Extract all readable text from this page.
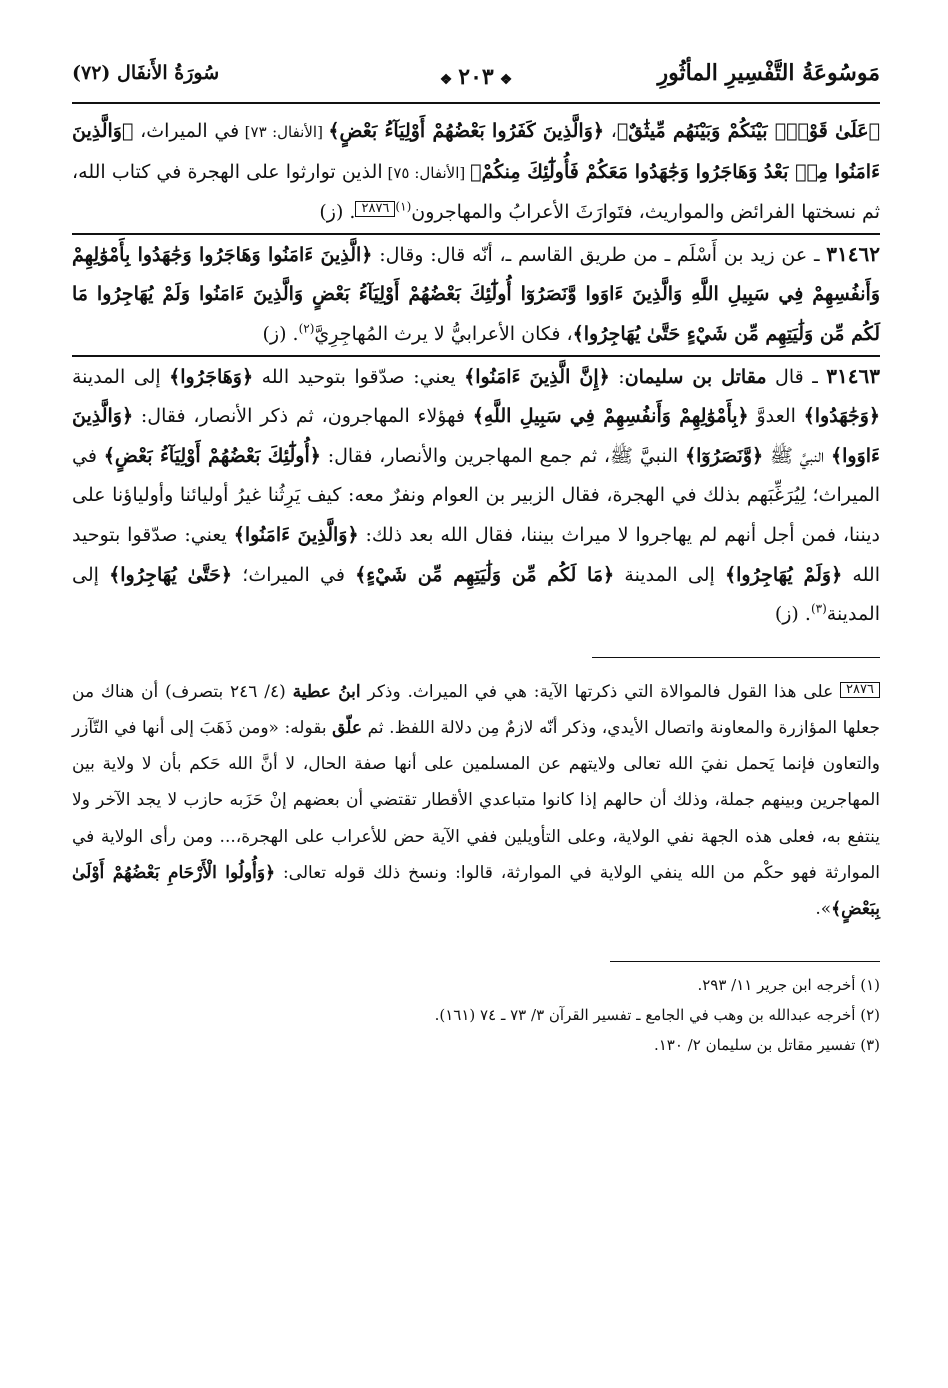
مَوسُوعَةُ التَّفْسِيرِ المأثُورِ
❖٢٠٣❖
سُورَةُ الأَنفَال (٧٢)

﴿عَلَىٰ قَوْمِۭ بَيْنَكُمْ وَبَيْنَهُم مِّيثَٰقٌ﴾، ﴿وَالَّذِينَ كَفَرُوا بَعْضُهُمْ أَوْلِيَآءُ بَعْضٍ﴾ [الأنفال: ٧٣] في الميراث، ﴿وَالَّذِينَ ءَامَنُوا مِنۢ بَعْدُ وَهَاجَرُوا وَجَٰهَدُوا مَعَكُمْ فَأُولَٰٓئِكَ مِنكُمْ﴾ [الأنفال: ٧٥] الذين توارثوا على الهجرة في كتاب الله، ثم نسختها الفرائض والمواريث، فتَوارَثَ الأعرابُ والمهاجرون$^{(١)}$٢٨٧٦. (ز)

٣١٤٦٢ ـ عن زيد بن أَسْلَم ـ من طريق القاسم ـ، أنّه قال: وقال: ﴿الَّذِينَ ءَامَنُوا وَهَاجَرُوا وَجَٰهَدُوا بِأَمْوَٰلِهِمْ وَأَنفُسِهِمْ فِي سَبِيلِ اللَّهِ وَالَّذِينَ ءَاوَوا وَّنَصَرُوٓا أُولَٰٓئِكَ بَعْضُهُمْ أَوْلِيَآءُ بَعْضٍ وَالَّذِينَ ءَامَنُوا وَلَمْ يُهَاجِرُوا مَا لَكُم مِّن وَلَٰيَتِهِم مِّن شَيْءٍ حَتَّىٰ يُهَاجِرُوا﴾، فكان الأعرابيُّ لا يرث المُهاجِرِيَّ$^{(٢)}$. (ز)

٣١٤٦٣ ـ قال مقاتل بن سليمان: ﴿إِنَّ الَّذِينَ ءَامَنُوا﴾ يعني: صدّقوا بتوحيد الله ﴿وَهَاجَرُوا﴾ إلى المدينة ﴿وَجَٰهَدُوا﴾ العدوَّ ﴿بِأَمْوَٰلِهِمْ وَأَنفُسِهِمْ فِي سَبِيلِ اللَّهِ﴾ فهؤلاء المهاجرون، ثم ذكر الأنصار، فقال: ﴿وَالَّذِينَ ءَاوَوا﴾ النبيَّ ﷺ ﴿وَّنَصَرُوٓا﴾ النبيَّ ﷺ، ثم جمع المهاجرين والأنصار، فقال: ﴿أُولَٰٓئِكَ بَعْضُهُمْ أَوْلِيَآءُ بَعْضٍ﴾ في الميراث؛ لِيُرَغِّبَهم بذلك في الهجرة، فقال الزبير بن العوام ونفرٌ معه: كيف يَرِثُنا غيرُ أوليائنا وأولياؤنا على ديننا، فمن أجل أنهم لم يهاجروا لا ميراث بيننا، فقال الله بعد ذلك: ﴿وَالَّذِينَ ءَامَنُوا﴾ يعني: صدّقوا بتوحيد الله ﴿وَلَمْ يُهَاجِرُوا﴾ إلى المدينة ﴿مَا لَكُم مِّن وَلَٰيَتِهِم مِّن شَيْءٍ﴾ في الميراث؛ ﴿حَتَّىٰ يُهَاجِرُوا﴾ إلى المدينة$^{(٣)}$. (ز)

٢٨٧٦ على هذا القول فالموالاة التي ذكرتها الآية: هي في الميراث. وذكر ابنُ عطية (٤/ ٢٤٦ بتصرف) أن هناك من جعلها المؤازرة والمعاونة واتصال الأيدي، وذكر أنّه لازمٌ مِن دلالة اللفظ. ثم علّق بقوله: «ومن ذَهَبَ إلى أنها في التّآزر والتعاون فإنما يَحمل نفيَ الله تعالى ولايتهم عن المسلمين على أنها صفة الحال، لا أنَّ الله حَكم بأن لا ولاية بين المهاجرين وبينهم جملة، وذلك أن حالهم إذا كانوا متباعدي الأقطار تقتضي أن بعضهم إنْ حَزَبه حازب لا يجد الآخر ولا ينتفع به، فعلى هذه الجهة نفي الولاية، وعلى التأويلين ففي الآية حض للأعراب على الهجرة،... ومن رأى الولاية في الموارثة فهو حكْم من الله ينفي الولاية في الموارثة، قالوا: ونسخ ذلك قوله تعالى: ﴿وَأُولُوا الْأَرْحَامِ بَعْضُهُمْ أَوْلَىٰ بِبَعْضٍ﴾».

(١) أخرجه ابن جرير ١١/ ٢٩٣.
(٢) أخرجه عبدالله بن وهب في الجامع ـ تفسير القرآن ٣/ ٧٣ ـ ٧٤ (١٦١).
(٣) تفسير مقاتل بن سليمان ٢/ ١٣٠.
